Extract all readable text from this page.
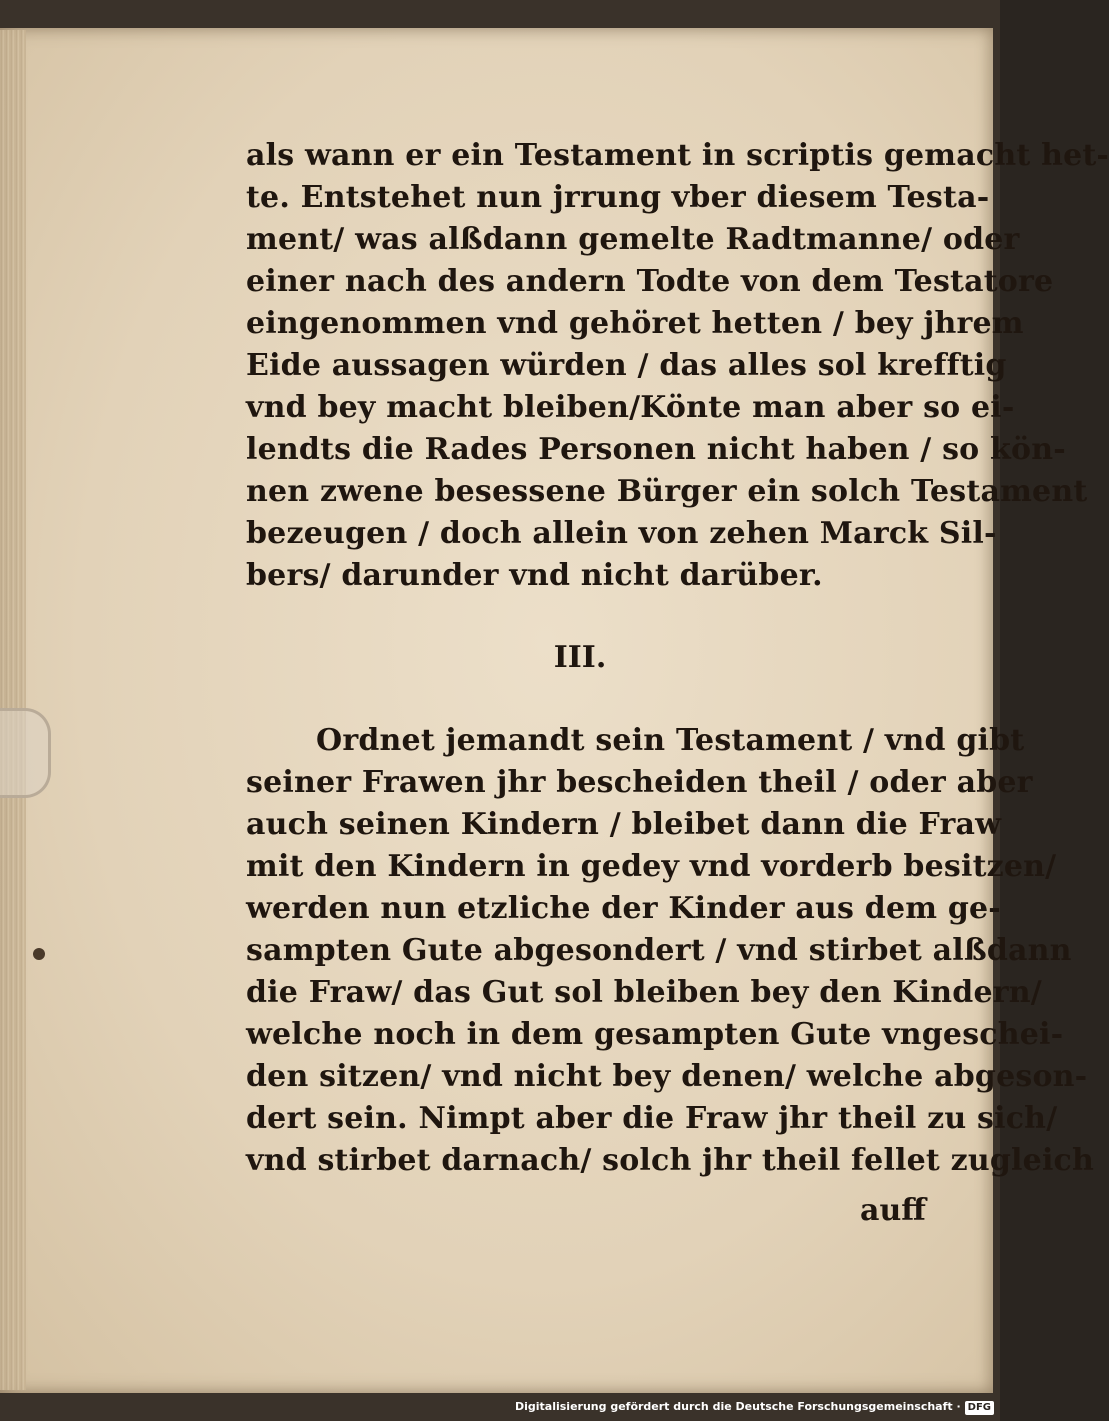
als wann er ein Testament in scriptis gemacht het-
te. Entstehet nun jrrung vber diesem Testa-
ment/ was alßdann gemelte Radtmanne/ oder
einer nach des andern Todte von dem Testatore
eingenommen vnd gehöret hetten / bey jhrem
Eide aussagen würden / das alles sol krefftig
vnd bey macht bleiben/Könte man aber so ei-
lendts die Rades Personen nicht haben / so kön-
nen zwene besessene Bürger ein solch Testament
bezeugen / doch allein von zehen Marck Sil-
bers/ darunder vnd nicht darüber.
III.
Ordnet jemandt sein Testament / vnd gibt
seiner Frawen jhr bescheiden theil / oder aber
auch seinen Kindern / bleibet dann die Fraw
mit den Kindern in gedey vnd vorderb besitzen/
werden nun etzliche der Kinder aus dem ge-
sampten Gute abgesondert / vnd stirbet alßdann
die Fraw/ das Gut sol bleiben bey den Kindern/
welche noch in dem gesampten Gute vngeschei-
den sitzen/ vnd nicht bey denen/ welche abgeson-
dert sein. Nimpt aber die Fraw jhr theil zu sich/
vnd stirbet darnach/ solch jhr theil fellet zugleich
auff
Digitalisierung gefördert durch die Deutsche Forschungsgemeinschaft · DFG
